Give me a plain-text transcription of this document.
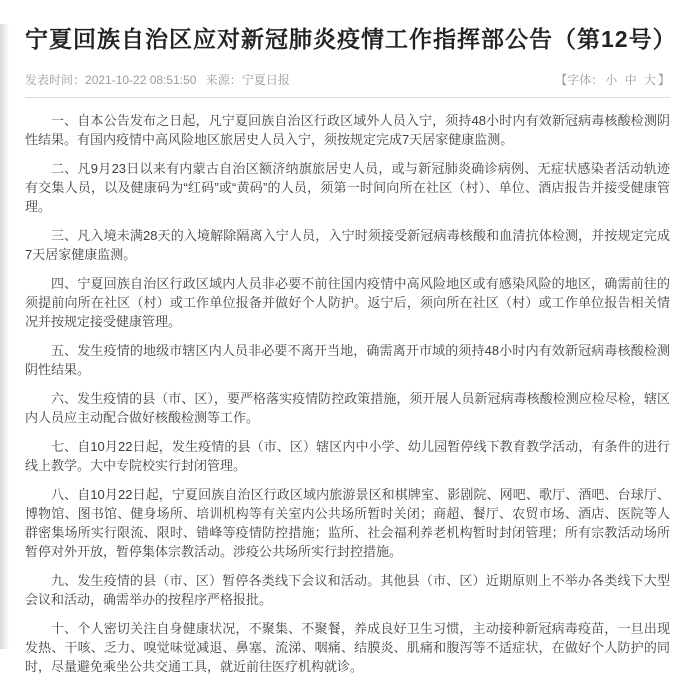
宁夏回族自治区应对新冠肺炎疫情工作指挥部公告（第12号）
发表时间：2021-10-22 08:51:50 来源：宁夏日报	【字体： 小 中 大 】

一、自本公告发布之日起，凡宁夏回族自治区行政区域外人员入宁，须持48小时内有效新冠病毒核酸检测阴性结果。有国内疫情中高风险地区旅居史人员入宁，须按规定完成7天居家健康监测。

二、凡9月23日以来有内蒙古自治区额济纳旗旅居史人员，或与新冠肺炎确诊病例、无症状感染者活动轨迹有交集人员，以及健康码为“红码”或“黄码”的人员，须第一时间向所在社区（村）、单位、酒店报告并接受健康管理。

三、凡入境未满28天的入境解除隔离入宁人员，入宁时须接受新冠病毒核酸和血清抗体检测，并按规定完成7天居家健康监测。

四、宁夏回族自治区行政区域内人员非必要不前往国内疫情中高风险地区或有感染风险的地区，确需前往的须提前向所在社区（村）或工作单位报备并做好个人防护。返宁后，须向所在社区（村）或工作单位报告相关情况并按规定接受健康管理。

五、发生疫情的地级市辖区内人员非必要不离开当地，确需离开市域的须持48小时内有效新冠病毒核酸检测阴性结果。

六、发生疫情的县（市、区），要严格落实疫情防控政策措施，须开展人员新冠病毒核酸检测应检尽检，辖区内人员应主动配合做好核酸检测等工作。

七、自10月22日起，发生疫情的县（市、区）辖区内中小学、幼儿园暂停线下教育教学活动，有条件的进行线上教学。大中专院校实行封闭管理。

八、自10月22日起，宁夏回族自治区行政区域内旅游景区和棋牌室、影剧院、网吧、歌厅、酒吧、台球厅、博物馆、图书馆、健身场所、培训机构等有关室内公共场所暂时关闭；商超、餐厅、农贸市场、酒店、医院等人群密集场所实行限流、限时、错峰等疫情防控措施；监所、社会福利养老机构暂时封闭管理；所有宗教活动场所暂停对外开放，暂停集体宗教活动。涉疫公共场所实行封控措施。

九、发生疫情的县（市、区）暂停各类线下会议和活动。其他县（市、区）近期原则上不举办各类线下大型会议和活动，确需举办的按程序严格报批。

十、个人密切关注自身健康状况，不聚集、不聚餐，养成良好卫生习惯，主动接种新冠病毒疫苗，一旦出现发热、干咳、乏力、嗅觉味觉减退、鼻塞、流涕、咽痛、结膜炎、肌痛和腹泻等不适症状，在做好个人防护的同时，尽量避免乘坐公共交通工具，就近前往医疗机构就诊。
